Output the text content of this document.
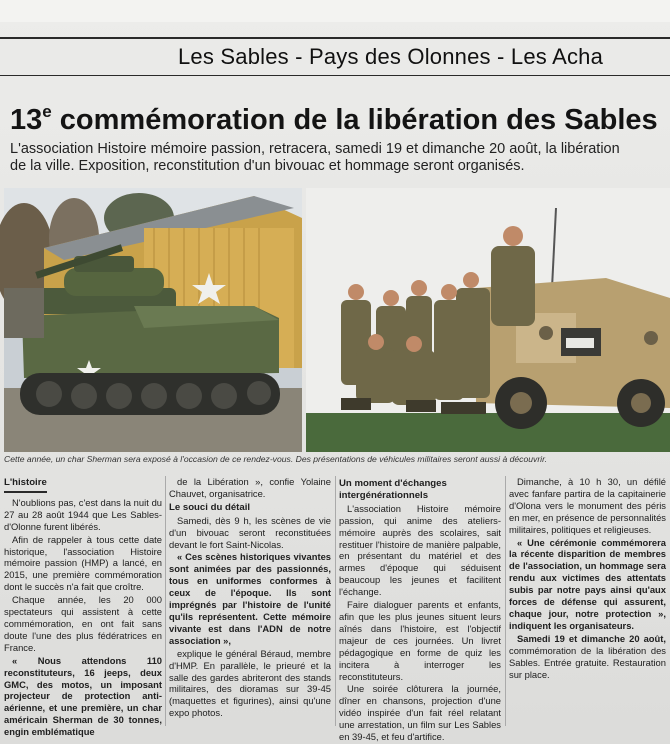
Les Sables - Pays des Olonnes - Les Acha
13e commémoration de la libération des Sables
L'association Histoire mémoire passion, retracera, samedi 19 et dimanche 20 août, la libération
de la ville. Exposition, reconstitution d'un bivouac et hommage seront organisés.
Cette année, un char Sherman sera exposé à l'occasion de ce rendez-vous. Des présentations de véhicules militaires seront aussi à découvrir.
L'histoire

N'oublions pas, c'est dans la nuit du 27 au 28 août 1944 que Les Sables-d'Olonne furent libérés.

Afin de rappeler à tous cette date historique, l'association Histoire mémoire passion (HMP) a lancé, en 2015, une première commémoration dont le succès n'a fait que croître.

Chaque année, les 20 000 spectateurs qui assistent à cette commémoration, en ont fait sans doute l'une des plus fédératrices en France.

« Nous attendons 110 reconstituteurs, 16 jeeps, deux GMC, des motos, un imposant projecteur de protection anti-aérienne, et une première, un char américain Sherman de 30 tonnes, engin emblématique

de la Libération », confie Yolaine Chauvet, organisatrice.

Le souci du détail

Samedi, dès 9 h, les scènes de vie d'un bivouac seront reconstituées devant le fort Saint-Nicolas.

« Ces scènes historiques vivantes sont animées par des passionnés, tous en uniformes conformes à ceux de l'époque. Ils sont imprégnés par l'histoire de l'unité qu'ils représentent. Cette mémoire vivante est dans l'ADN de notre association »,

explique le général Béraud, membre d'HMP. En parallèle, le prieuré et la salle des gardes abriteront des stands militaires, des dioramas sur 39-45 (maquettes et figurines), ainsi qu'une expo photos.

Un moment d'échanges intergénérationnels

L'association Histoire mémoire passion, qui anime des ateliers-mémoire auprès des scolaires, sait restituer l'histoire de manière palpable, en présentant du matériel et des armes d'époque qui séduisent beaucoup les jeunes et facilitent l'échange.

Faire dialoguer parents et enfants, afin que les plus jeunes situent leurs aînés dans l'histoire, est l'objectif majeur de ces journées. Un livret pédagogique en forme de quiz les incitera à interroger les reconstituteurs.

Une soirée clôturera la journée, dîner en chansons, projection d'une vidéo inspirée d'un fait réel relatant une arrestation, un film sur Les Sables en 39-45, et feu d'artifice.

Dimanche, à 10 h 30, un défilé avec fanfare partira de la capitainerie d'Olona vers le monument des péris en mer, en présence de personnalités militaires, politiques et religieuses.

« Une cérémonie commémorera la récente disparition de membres de l'association, un hommage sera rendu aux victimes des attentats subis par notre pays ainsi qu'aux forces de défense qui assurent, chaque jour, notre protection », indiquent les organisateurs.

Samedi 19 et dimanche 20 août, commémoration de la libération des Sables. Entrée gratuite. Restauration sur place.
